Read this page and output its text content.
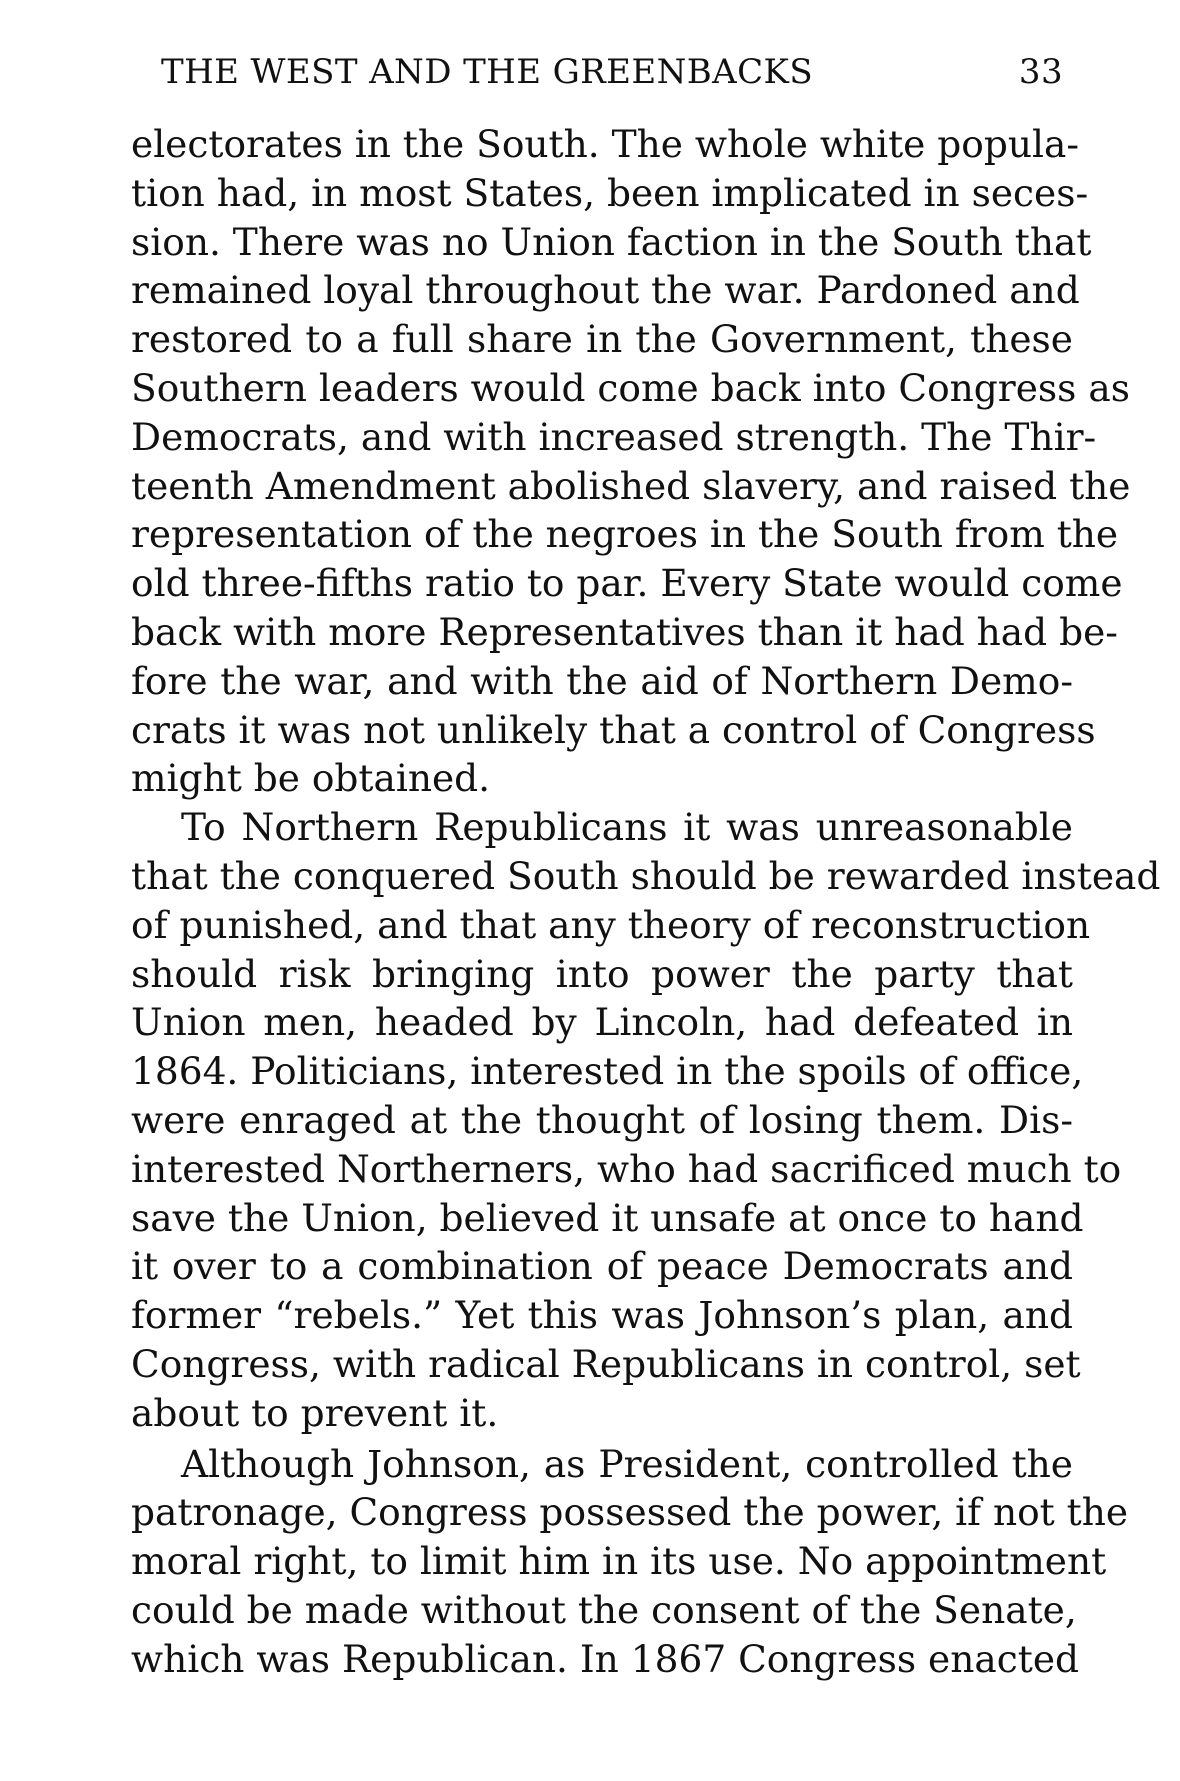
THE WEST AND THE GREENBACKS	33
electorates in the South. The whole white popula-
tion had, in most States, been implicated in seces-
sion. There was no Union faction in the South that
remained loyal throughout the war. Pardoned and
restored to a full share in the Government, these
Southern leaders would come back into Congress as
Democrats, and with increased strength. The Thir-
teenth Amendment abolished slavery, and raised the
representation of the negroes in the South from the
old three-fifths ratio to par. Every State would come
back with more Representatives than it had had be-
fore the war, and with the aid of Northern Demo-
crats it was not unlikely that a control of Congress
might be obtained.
To Northern Republicans it was unreasonable
that the conquered South should be rewarded instead
of punished, and that any theory of reconstruction
should risk bringing into power the party that
Union men, headed by Lincoln, had defeated in
1864. Politicians, interested in the spoils of office,
were enraged at the thought of losing them. Dis-
interested Northerners, who had sacrificed much to
save the Union, believed it unsafe at once to hand
it over to a combination of peace Democrats and
former “rebels.” Yet this was Johnson’s plan, and
Congress, with radical Republicans in control, set
about to prevent it.
Although Johnson, as President, controlled the
patronage, Congress possessed the power, if not the
moral right, to limit him in its use. No appointment
could be made without the consent of the Senate,
which was Republican. In 1867 Congress enacted
